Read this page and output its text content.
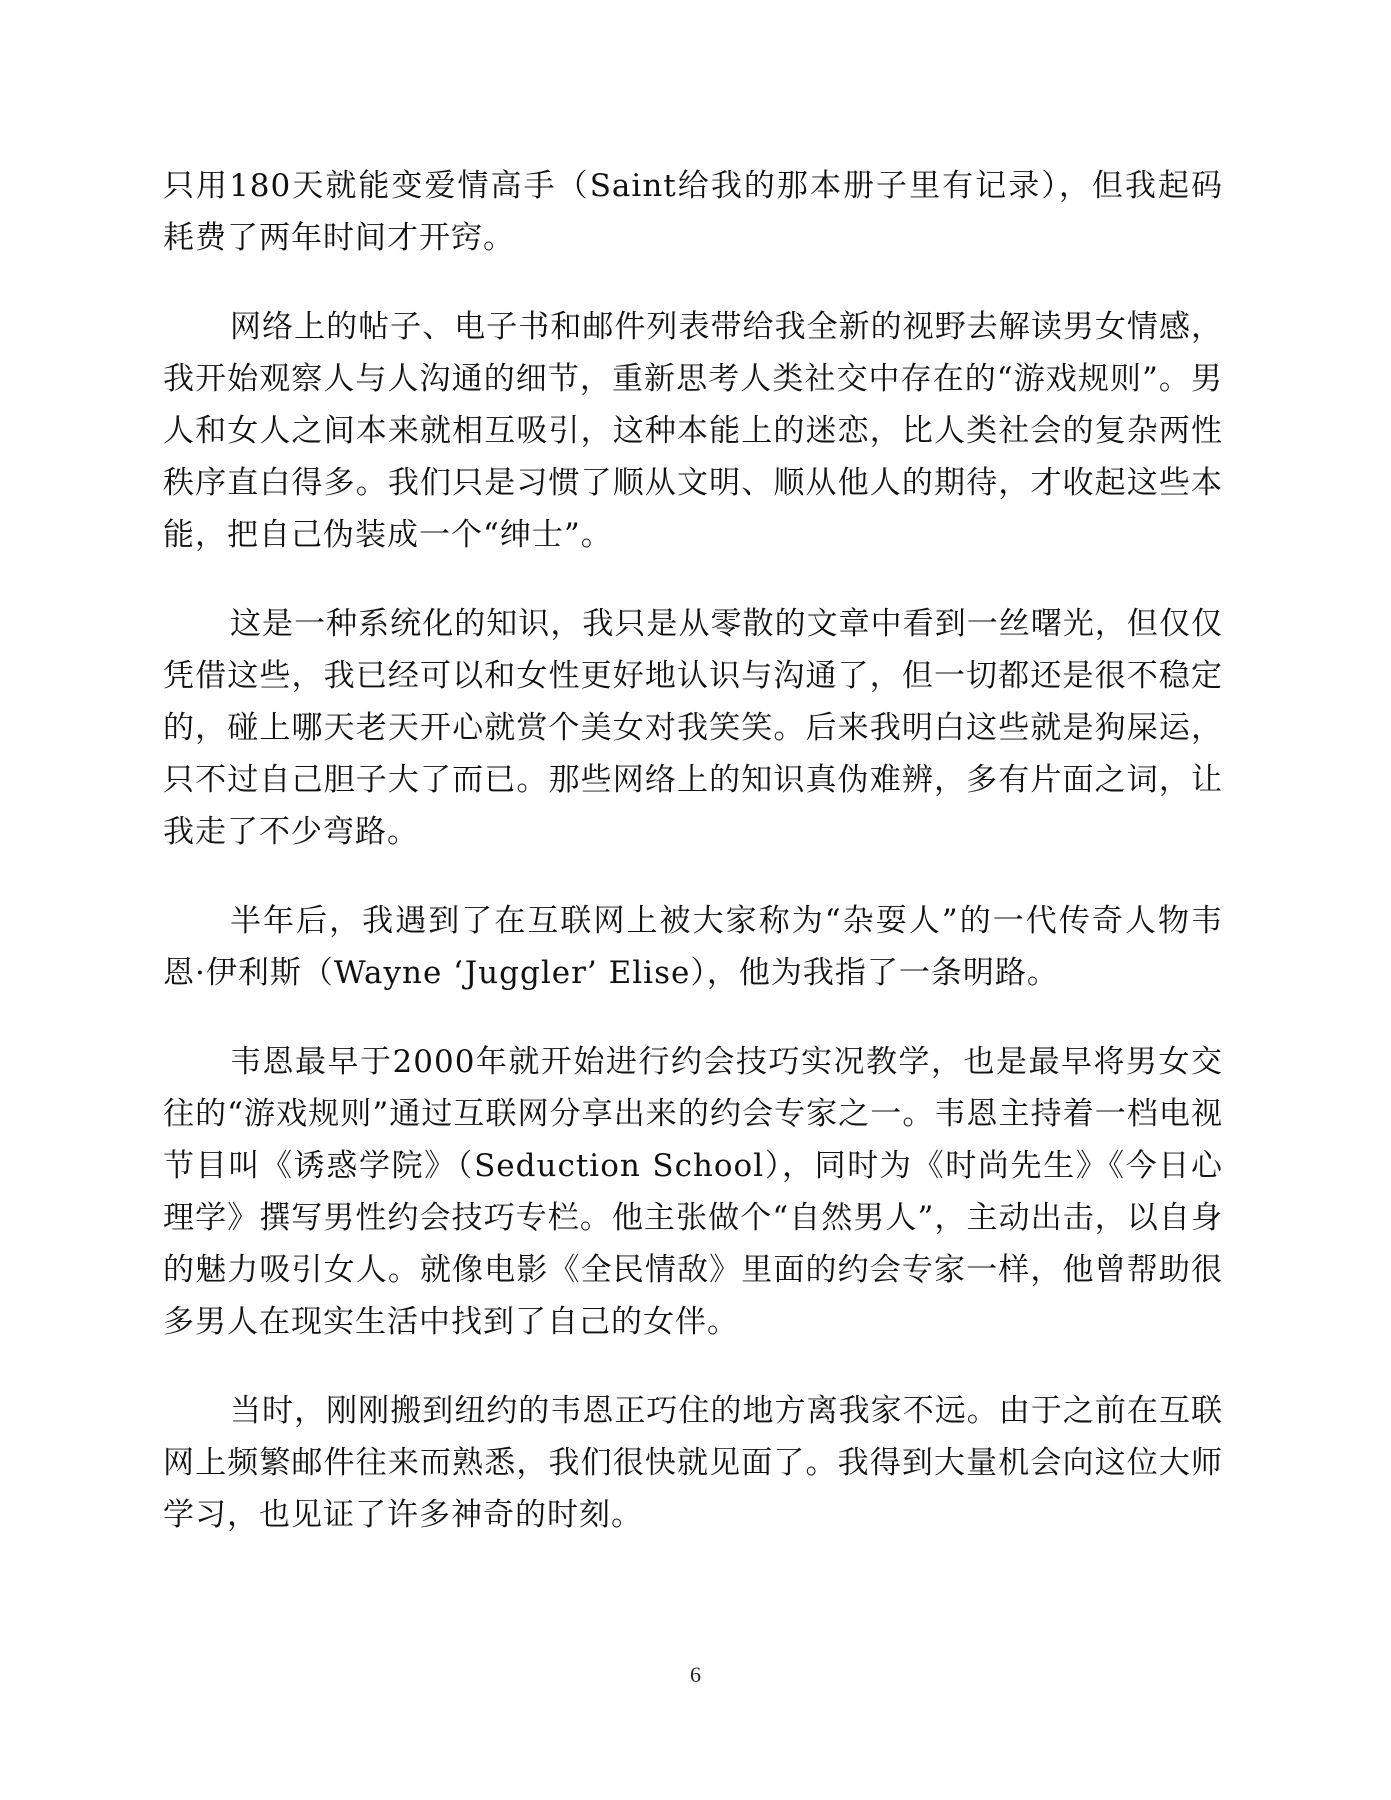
只用180天就能变爱情高手（Saint给我的那本册子里有记录），但我起码耗费了两年时间才开窍。

网络上的帖子、电子书和邮件列表带给我全新的视野去解读男女情感，我开始观察人与人沟通的细节，重新思考人类社交中存在的“游戏规则”。男人和女人之间本来就相互吸引，这种本能上的迷恋，比人类社会的复杂两性秩序直白得多。我们只是习惯了顺从文明、顺从他人的期待，才收起这些本能，把自己伪装成一个“绅士”。

这是一种系统化的知识，我只是从零散的文章中看到一丝曙光，但仅仅凭借这些，我已经可以和女性更好地认识与沟通了，但一切都还是很不稳定的，碰上哪天老天开心就赏个美女对我笑笑。后来我明白这些就是狗屎运，只不过自己胆子大了而已。那些网络上的知识真伪难辨，多有片面之词，让我走了不少弯路。

半年后，我遇到了在互联网上被大家称为“杂耍人”的一代传奇人物韦恩·伊利斯（Wayne ‘Juggler’ Elise），他为我指了一条明路。

韦恩最早于2000年就开始进行约会技巧实况教学，也是最早将男女交往的“游戏规则”通过互联网分享出来的约会专家之一。韦恩主持着一档电视节目叫《诱惑学院》（Seduction School），同时为《时尚先生》《今日心理学》撰写男性约会技巧专栏。他主张做个“自然男人”，主动出击，以自身的魅力吸引女人。就像电影《全民情敌》里面的约会专家一样，他曾帮助很多男人在现实生活中找到了自己的女伴。

当时，刚刚搬到纽约的韦恩正巧住的地方离我家不远。由于之前在互联网上频繁邮件往来而熟悉，我们很快就见面了。我得到大量机会向这位大师学习，也见证了许多神奇的时刻。

6
